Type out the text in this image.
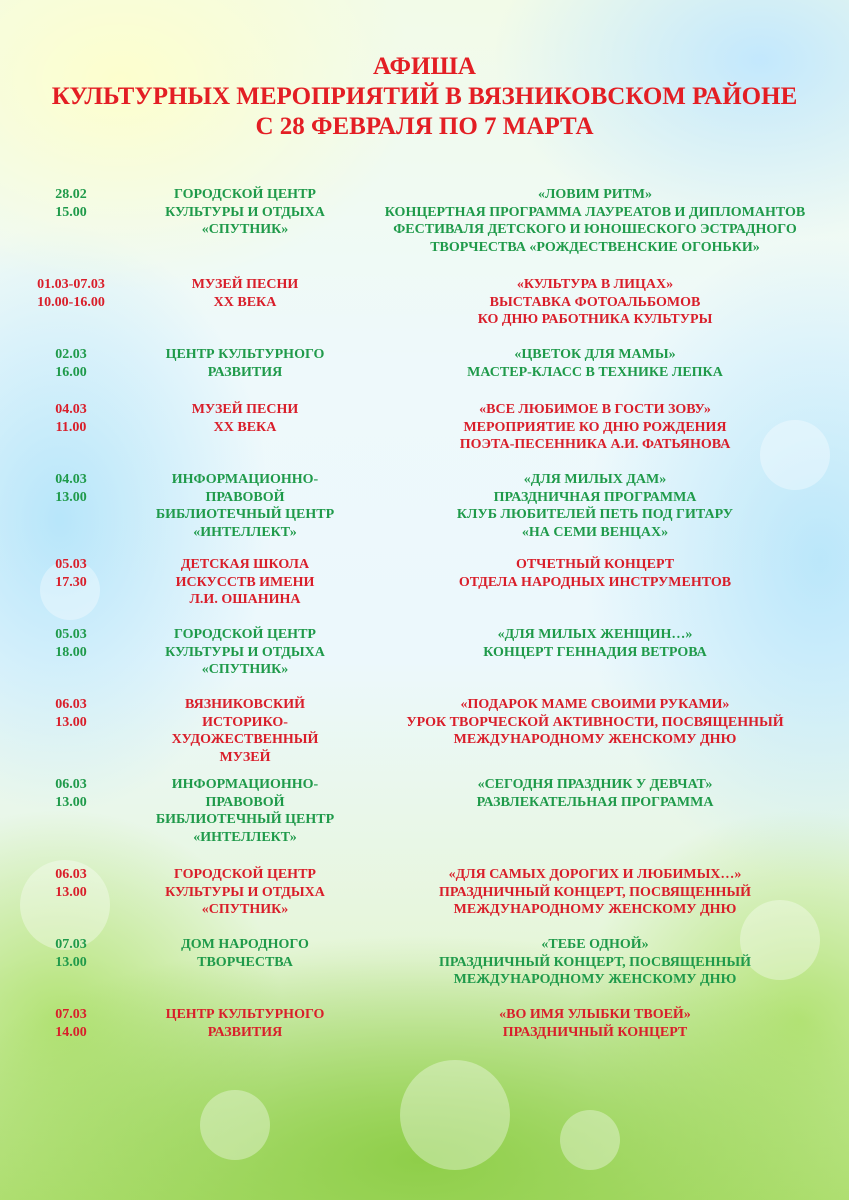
АФИША
КУЛЬТУРНЫХ МЕРОПРИЯТИЙ В ВЯЗНИКОВСКОМ РАЙОНЕ
С 28 ФЕВРАЛЯ ПО 7 МАРТА
28.02
15.00
ГОРОДСКОЙ ЦЕНТР
КУЛЬТУРЫ И ОТДЫХА
«СПУТНИК»
«ЛОВИМ РИТМ»
КОНЦЕРТНАЯ ПРОГРАММА ЛАУРЕАТОВ И ДИПЛОМАНТОВ
ФЕСТИВАЛЯ ДЕТСКОГО И ЮНОШЕСКОГО ЭСТРАДНОГО
ТВОРЧЕСТВА «РОЖДЕСТВЕНСКИЕ ОГОНЬКИ»
01.03-07.03
10.00-16.00
МУЗЕЙ ПЕСНИ
XX ВЕКА
«КУЛЬТУРА В ЛИЦАХ»
ВЫСТАВКА ФОТОАЛЬБОМОВ
КО ДНЮ РАБОТНИКА КУЛЬТУРЫ
02.03
16.00
ЦЕНТР КУЛЬТУРНОГО
РАЗВИТИЯ
«ЦВЕТОК ДЛЯ МАМЫ»
МАСТЕР-КЛАСС В ТЕХНИКЕ ЛЕПКА
04.03
11.00
МУЗЕЙ ПЕСНИ
XX ВЕКА
«ВСЕ ЛЮБИМОЕ В ГОСТИ ЗОВУ»
МЕРОПРИЯТИЕ КО ДНЮ РОЖДЕНИЯ
ПОЭТА-ПЕСЕННИКА А.И. ФАТЬЯНОВА
04.03
13.00
ИНФОРМАЦИОННО-
ПРАВОВОЙ
БИБЛИОТЕЧНЫЙ ЦЕНТР
«ИНТЕЛЛЕКТ»
«ДЛЯ МИЛЫХ ДАМ»
ПРАЗДНИЧНАЯ ПРОГРАММА
КЛУБ ЛЮБИТЕЛЕЙ ПЕТЬ ПОД ГИТАРУ
«НА СЕМИ ВЕНЦАХ»
05.03
17.30
ДЕТСКАЯ ШКОЛА
ИСКУССТВ ИМЕНИ
Л.И. ОШАНИНА
ОТЧЕТНЫЙ КОНЦЕРТ
ОТДЕЛА НАРОДНЫХ ИНСТРУМЕНТОВ
05.03
18.00
ГОРОДСКОЙ ЦЕНТР
КУЛЬТУРЫ И ОТДЫХА
«СПУТНИК»
«ДЛЯ МИЛЫХ ЖЕНЩИН…»
КОНЦЕРТ ГЕННАДИЯ ВЕТРОВА
06.03
13.00
ВЯЗНИКОВСКИЙ
ИСТОРИКО-
ХУДОЖЕСТВЕННЫЙ
МУЗЕЙ
«ПОДАРОК МАМЕ СВОИМИ РУКАМИ»
УРОК ТВОРЧЕСКОЙ АКТИВНОСТИ, ПОСВЯЩЕННЫЙ
МЕЖДУНАРОДНОМУ ЖЕНСКОМУ ДНЮ
06.03
13.00
ИНФОРМАЦИОННО-
ПРАВОВОЙ
БИБЛИОТЕЧНЫЙ ЦЕНТР
«ИНТЕЛЛЕКТ»
«СЕГОДНЯ ПРАЗДНИК У ДЕВЧАТ»
РАЗВЛЕКАТЕЛЬНАЯ ПРОГРАММА
06.03
13.00
ГОРОДСКОЙ ЦЕНТР
КУЛЬТУРЫ И ОТДЫХА
«СПУТНИК»
«ДЛЯ САМЫХ ДОРОГИХ И ЛЮБИМЫХ…»
ПРАЗДНИЧНЫЙ КОНЦЕРТ, ПОСВЯЩЕННЫЙ
МЕЖДУНАРОДНОМУ ЖЕНСКОМУ ДНЮ
07.03
13.00
ДОМ НАРОДНОГО
ТВОРЧЕСТВА
«ТЕБЕ ОДНОЙ»
ПРАЗДНИЧНЫЙ КОНЦЕРТ, ПОСВЯЩЕННЫЙ
МЕЖДУНАРОДНОМУ ЖЕНСКОМУ ДНЮ
07.03
14.00
ЦЕНТР КУЛЬТУРНОГО
РАЗВИТИЯ
«ВО ИМЯ УЛЫБКИ ТВОЕЙ»
ПРАЗДНИЧНЫЙ КОНЦЕРТ
